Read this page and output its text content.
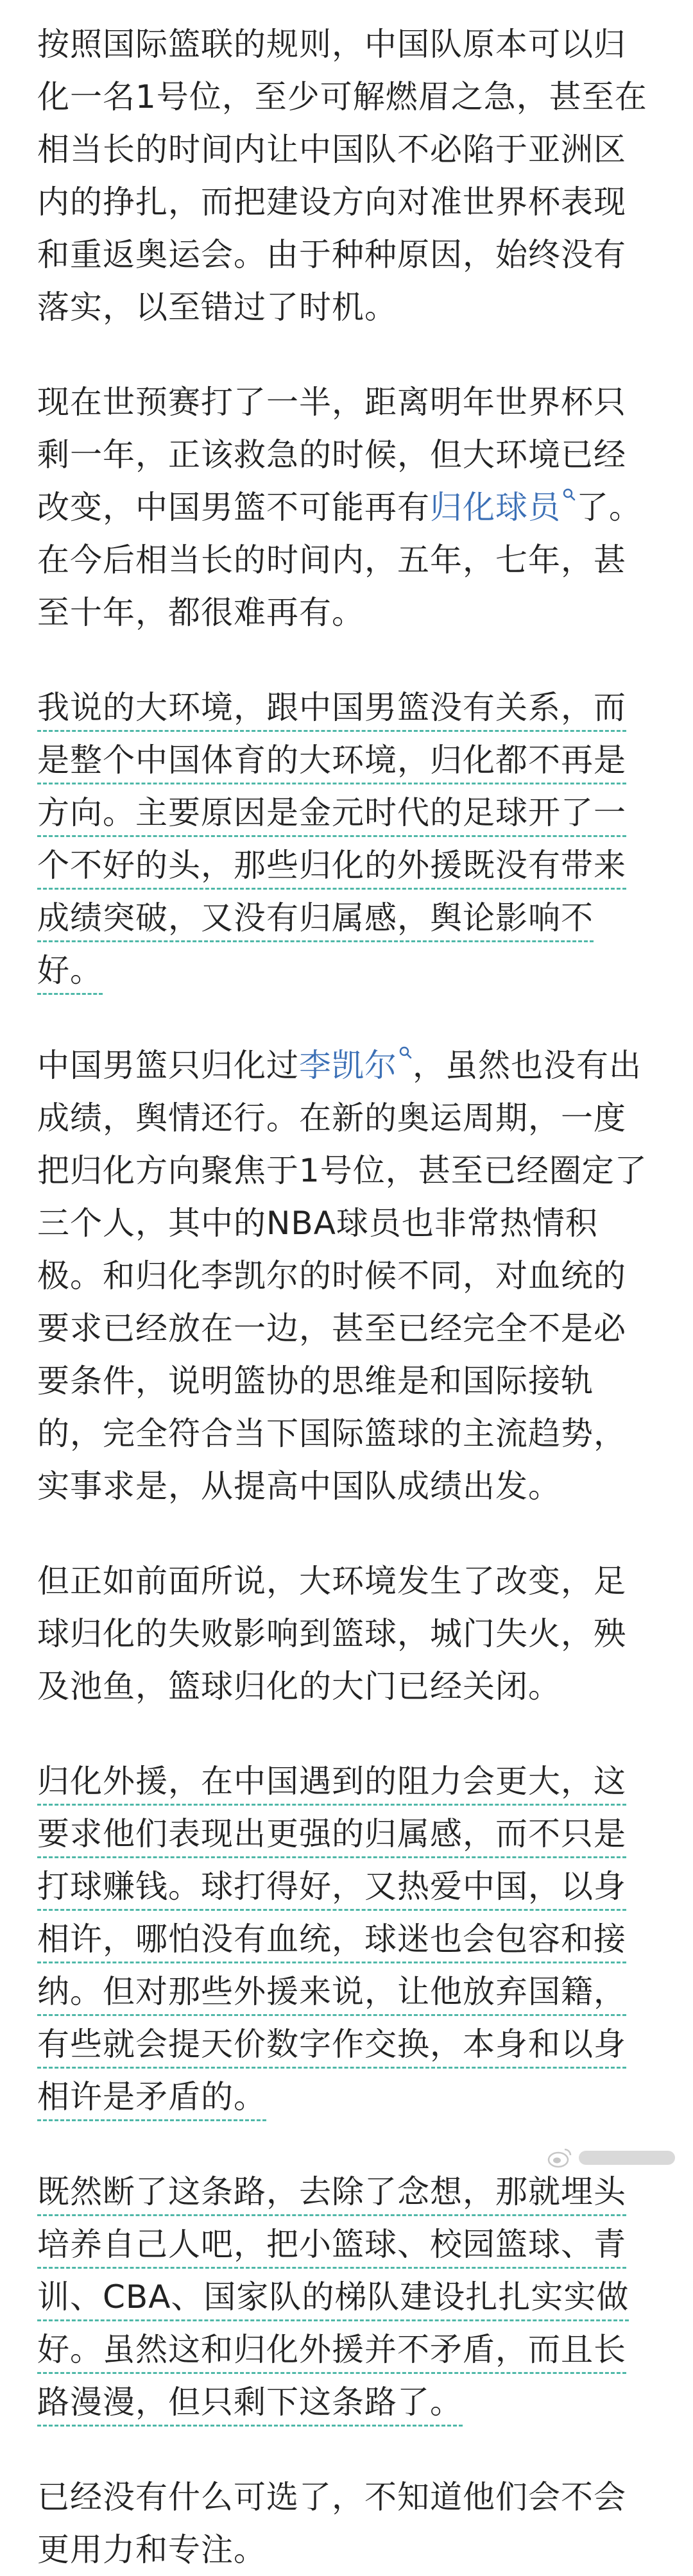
按照国际篮联的规则，中国队原本可以归化一名1号位，至少可解燃眉之急，甚至在相当长的时间内让中国队不必陷于亚洲区内的挣扎，而把建设方向对准世界杯表现和重返奥运会。由于种种原因，始终没有落实，以至错过了时机。

现在世预赛打了一半，距离明年世界杯只剩一年，正该救急的时候，但大环境已经改变，中国男篮不可能再有归化球员 了。在今后相当长的时间内，五年，七年，甚至十年，都很难再有。

我说的大环境，跟中国男篮没有关系，而是整个中国体育的大环境，归化都不再是方向。主要原因是金元时代的足球开了一个不好的头，那些归化的外援既没有带来成绩突破，又没有归属感，舆论影响不好。

中国男篮只归化过李凯尔 ，虽然也没有出成绩，舆情还行。在新的奥运周期，一度把归化方向聚焦于1号位，甚至已经圈定了三个人，其中的NBA球员也非常热情积极。和归化李凯尔的时候不同，对血统的要求已经放在一边，甚至已经完全不是必要条件，说明篮协的思维是和国际接轨的，完全符合当下国际篮球的主流趋势，实事求是，从提高中国队成绩出发。

但正如前面所说，大环境发生了改变，足球归化的失败影响到篮球，城门失火，殃及池鱼，篮球归化的大门已经关闭。

归化外援，在中国遇到的阻力会更大，这要求他们表现出更强的归属感，而不只是打球赚钱。球打得好，又热爱中国，以身相许，哪怕没有血统，球迷也会包容和接纳。但对那些外援来说，让他放弃国籍，有些就会提天价数字作交换，本身和以身相许是矛盾的。

既然断了这条路，去除了念想，那就埋头培养自己人吧，把小篮球、校园篮球、青训、CBA、国家队的梯队建设扎扎实实做好。虽然这和归化外援并不矛盾，而且长路漫漫，但只剩下这条路了。

已经没有什么可选了，不知道他们会不会更用力和专注。
